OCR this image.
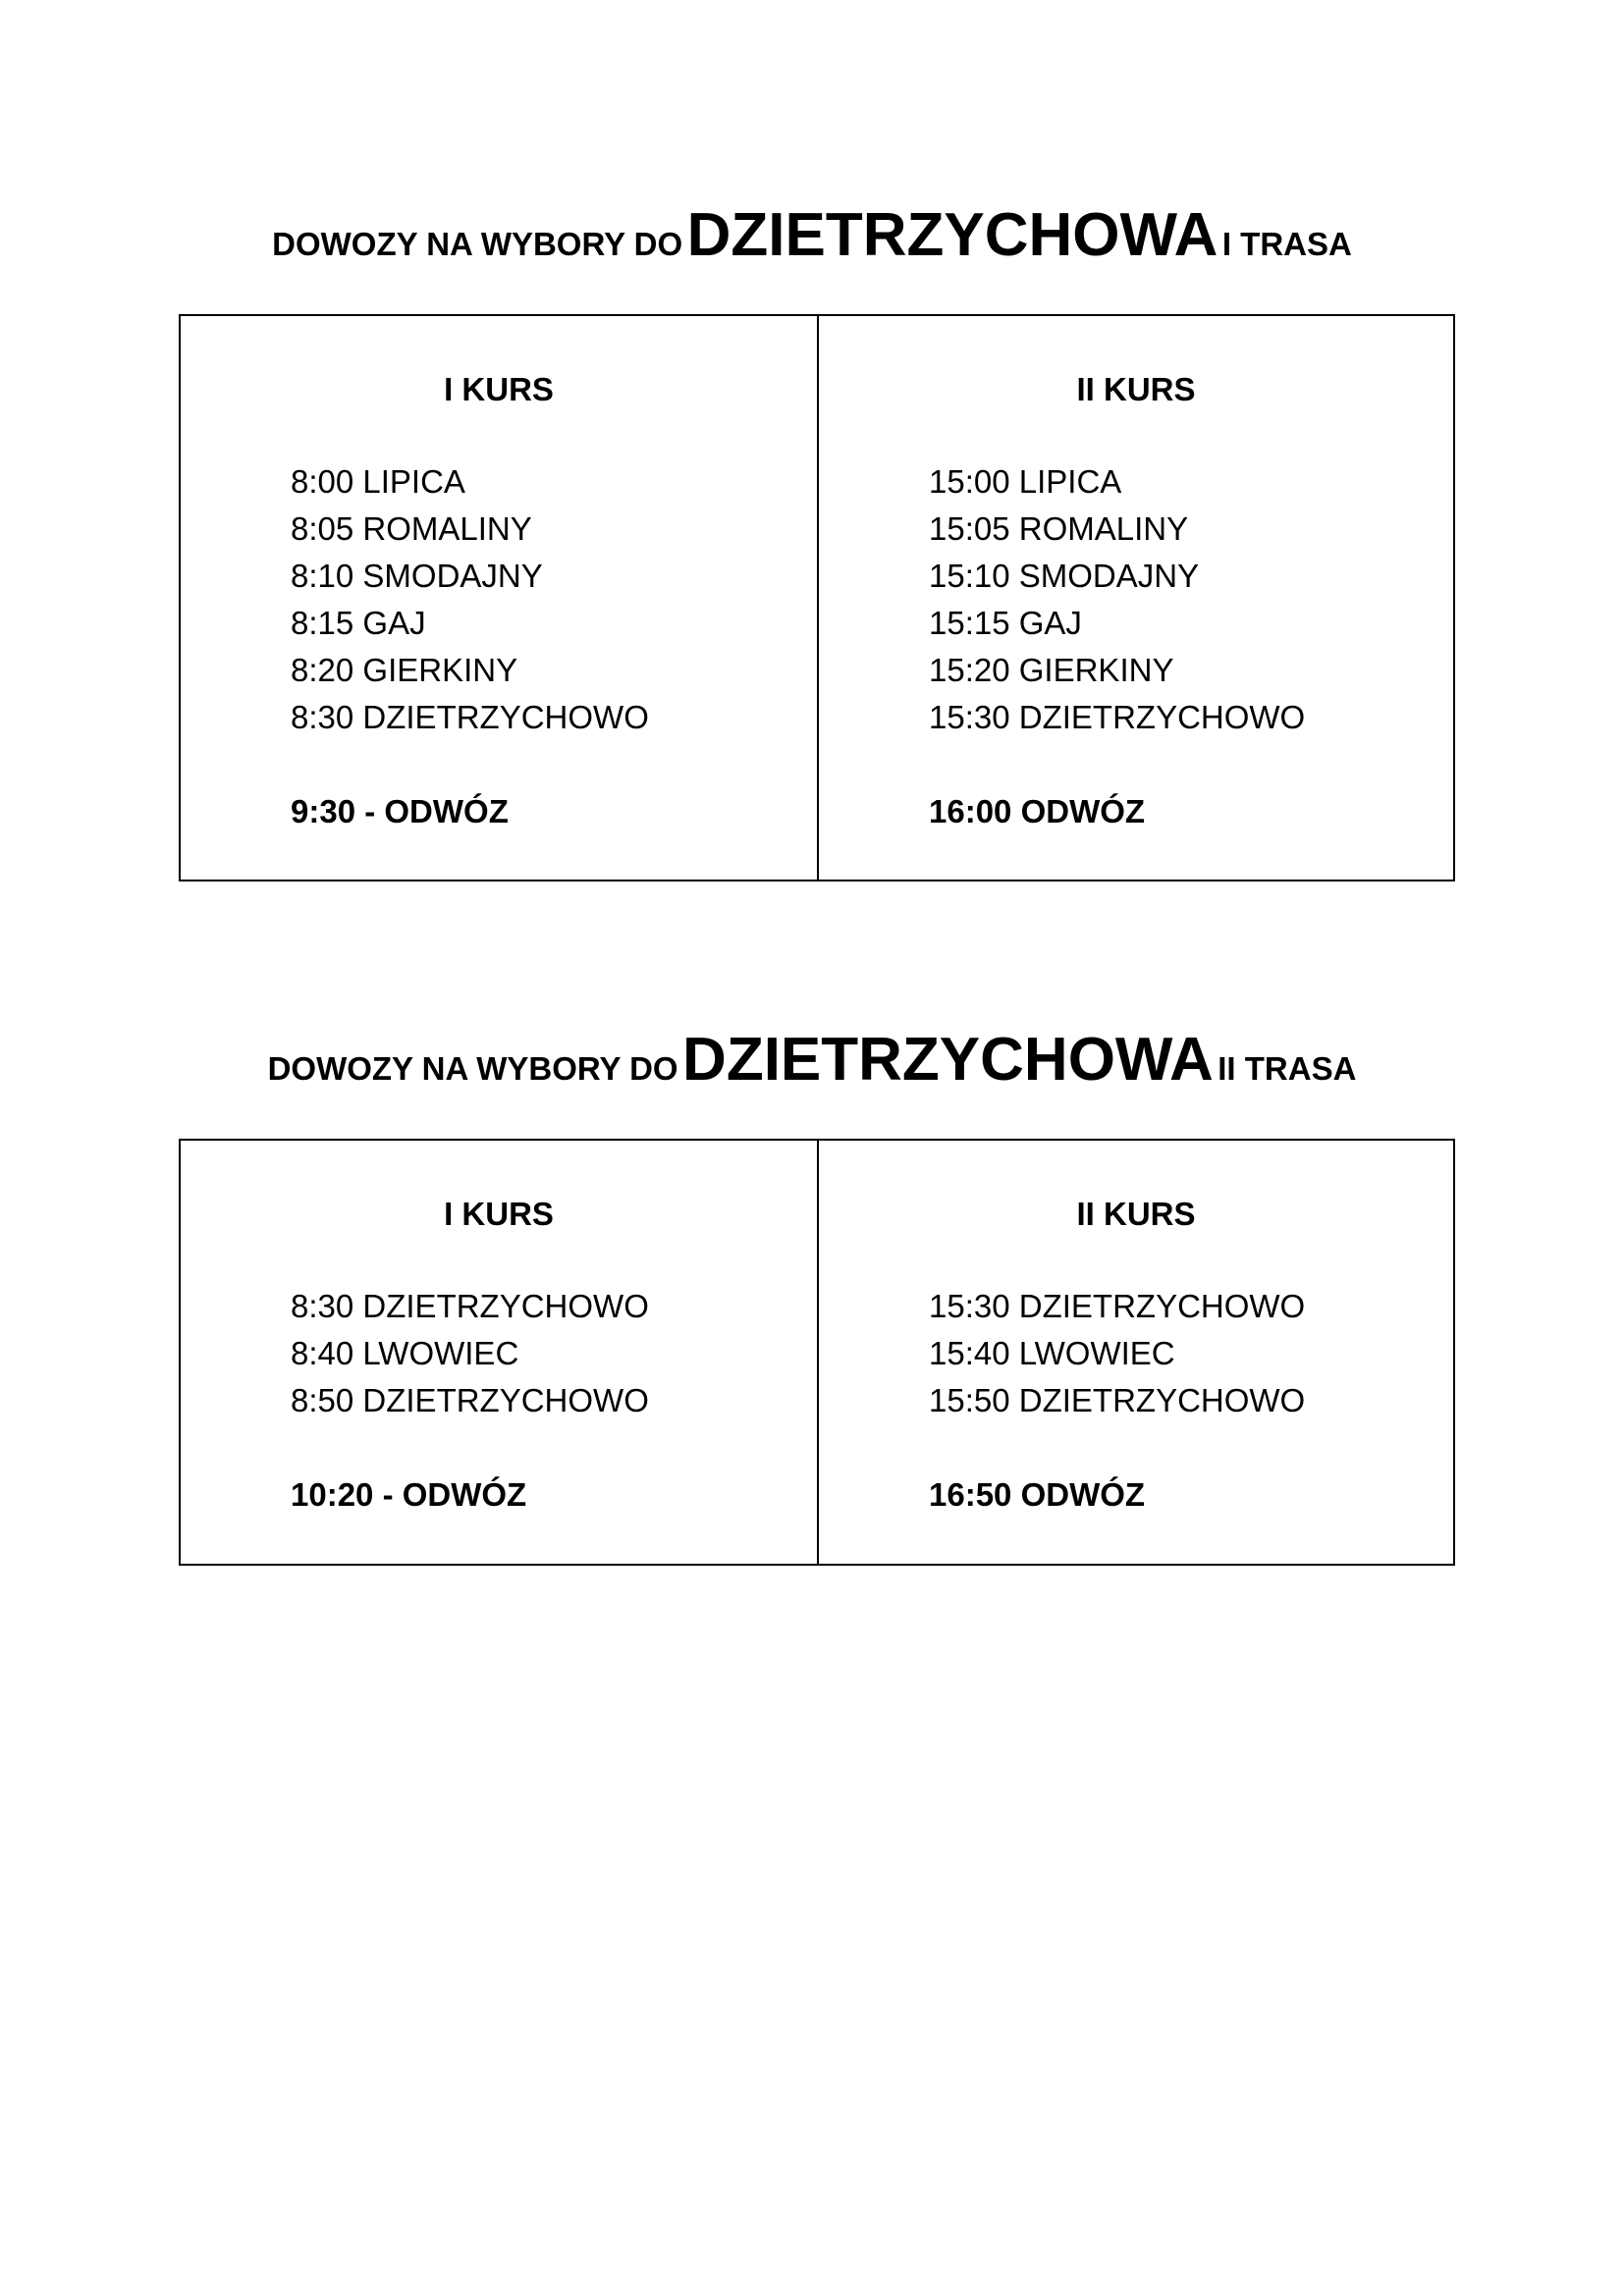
DOWOZY NA WYBORY DO DZIETRZYCHOWA I TRASA
I KURS
8:00 LIPICA
8:05 ROMALINY
8:10 SMODAJNY
8:15 GAJ
8:20 GIERKINY
8:30 DZIETRZYCHOWO
9:30 - ODWÓZ
II KURS
15:00 LIPICA
15:05 ROMALINY
15:10 SMODAJNY
15:15 GAJ
15:20 GIERKINY
15:30 DZIETRZYCHOWO
16:00 ODWÓZ
DOWOZY NA WYBORY DO DZIETRZYCHOWA II TRASA
I KURS
8:30 DZIETRZYCHOWO
8:40 LWOWIEC
8:50 DZIETRZYCHOWO
10:20 - ODWÓZ
II KURS
15:30 DZIETRZYCHOWO
15:40 LWOWIEC
15:50 DZIETRZYCHOWO
16:50 ODWÓZ
